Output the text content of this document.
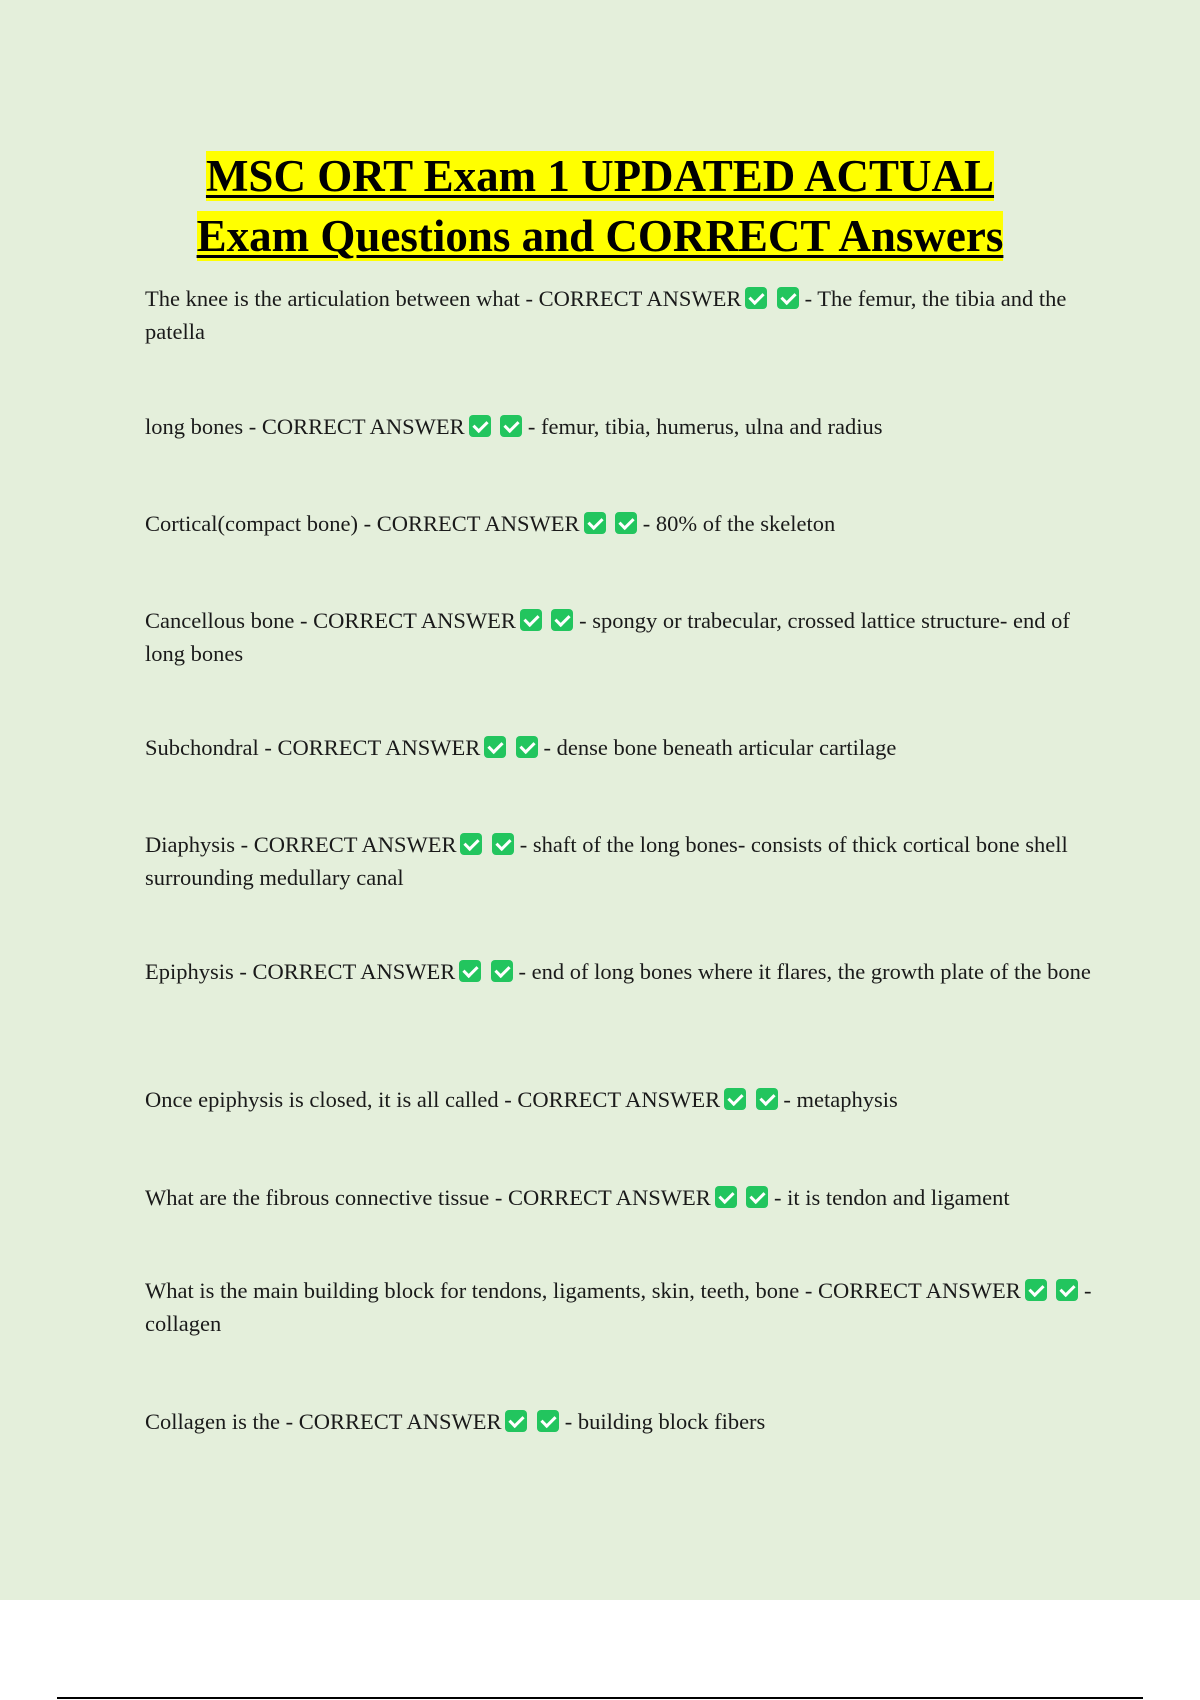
MSC ORT Exam 1 UPDATED ACTUAL
Exam Questions and CORRECT Answers
The knee is the articulation between what - CORRECT ANSWER	- The femur, the tibia and the patella
long bones - CORRECT ANSWER	- femur, tibia, humerus, ulna and radius
Cortical(compact bone) - CORRECT ANSWER	- 80% of the skeleton
Cancellous bone - CORRECT ANSWER	- spongy or trabecular, crossed lattice structure- end of long bones
Subchondral - CORRECT ANSWER	- dense bone beneath articular cartilage
Diaphysis - CORRECT ANSWER	- shaft of the long bones- consists of thick cortical bone shell surrounding medullary canal
Epiphysis - CORRECT ANSWER	- end of long bones where it flares, the growth plate of the bone
Once epiphysis is closed, it is all called - CORRECT ANSWER	- metaphysis
What are the fibrous connective tissue - CORRECT ANSWER	- it is tendon and ligament
What is the main building block for tendons, ligaments, skin, teeth, bone - CORRECT ANSWER	- collagen
Collagen is the - CORRECT ANSWER	- building block fibers
